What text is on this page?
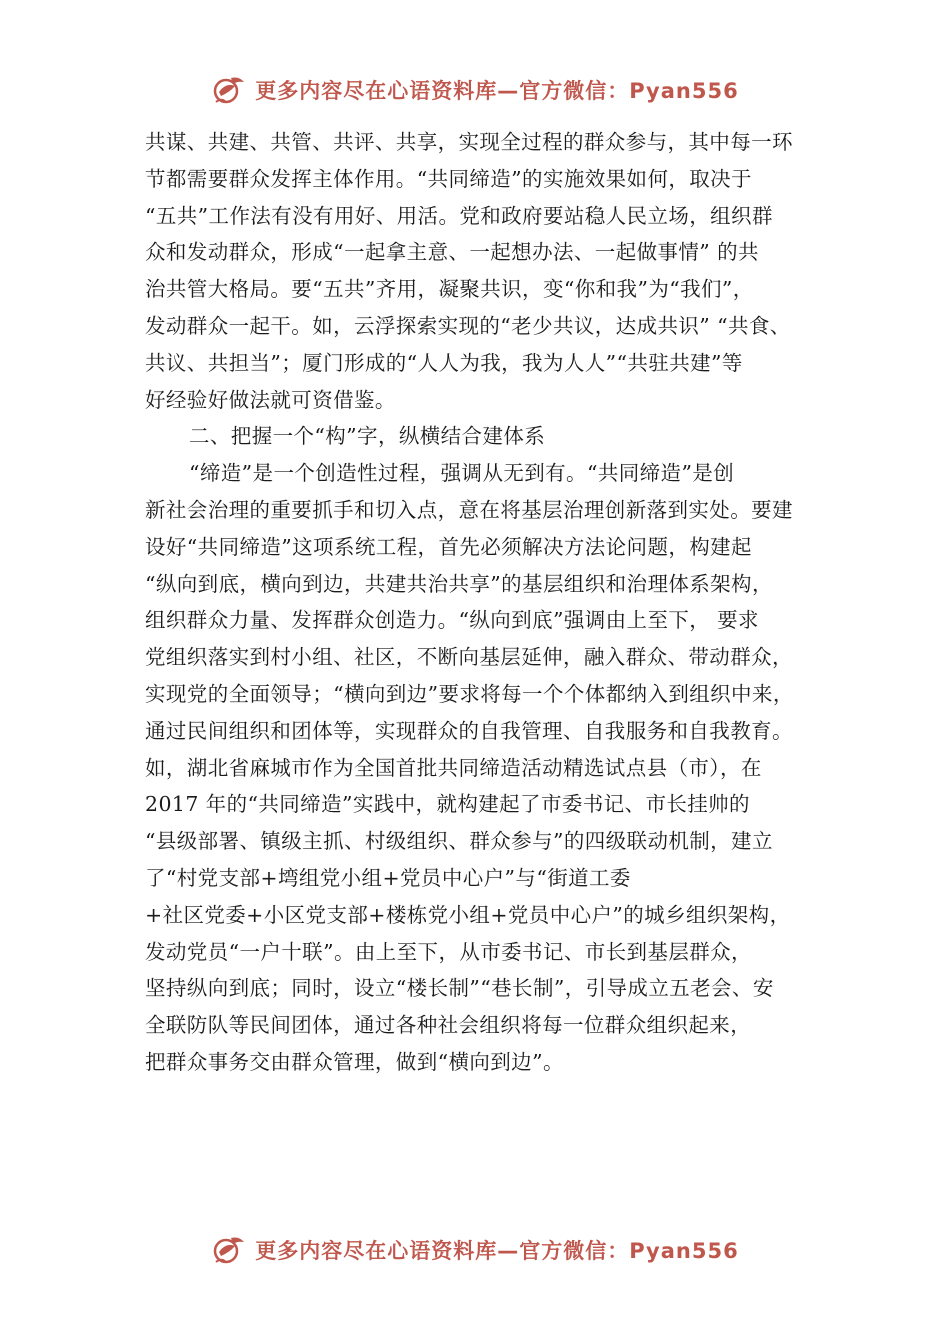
更多内容尽在心语资料库—官方微信：Pyan556
共谋、共建、共管、共评、共享，实现全过程的群众参与，其中每一环
节都需要群众发挥主体作用。“共同缔造”的实施效果如何，取决于
“五共”工作法有没有用好、用活。党和政府要站稳人民立场，组织群
众和发动群众，形成“一起拿主意、一起想办法、一起做事情” 的共
治共管大格局。要“五共”齐用，凝聚共识，变“你和我”为“我们”，
发动群众一起干。如，云浮探索实现的“老少共议，达成共识” “共食、
共议、共担当”；厦门形成的“人人为我，我为人人”“共驻共建”等
好经验好做法就可资借鉴。
二、把握一个“构”字，纵横结合建体系
“缔造”是一个创造性过程，强调从无到有。“共同缔造”是创
新社会治理的重要抓手和切入点，意在将基层治理创新落到实处。要建
设好“共同缔造”这项系统工程，首先必须解决方法论问题，构建起
“纵向到底，横向到边，共建共治共享”的基层组织和治理体系架构，
组织群众力量、发挥群众创造力。“纵向到底”强调由上至下， 要求
党组织落实到村小组、社区，不断向基层延伸，融入群众、带动群众，
实现党的全面领导；“横向到边”要求将每一个个体都纳入到组织中来，
通过民间组织和团体等，实现群众的自我管理、自我服务和自我教育。
如，湖北省麻城市作为全国首批共同缔造活动精选试点县（市），在
2017 年的“共同缔造”实践中，就构建起了市委书记、市长挂帅的
“县级部署、镇级主抓、村级组织、群众参与”的四级联动机制，建立
了“村党支部+塆组党小组+党员中心户”与“街道工委
+社区党委+小区党支部+楼栋党小组+党员中心户”的城乡组织架构，
发动党员“一户十联”。由上至下，从市委书记、市长到基层群众，
坚持纵向到底；同时，设立“楼长制”“巷长制”，引导成立五老会、安
全联防队等民间团体，通过各种社会组织将每一位群众组织起来，
把群众事务交由群众管理，做到“横向到边”。
更多内容尽在心语资料库—官方微信：Pyan556
